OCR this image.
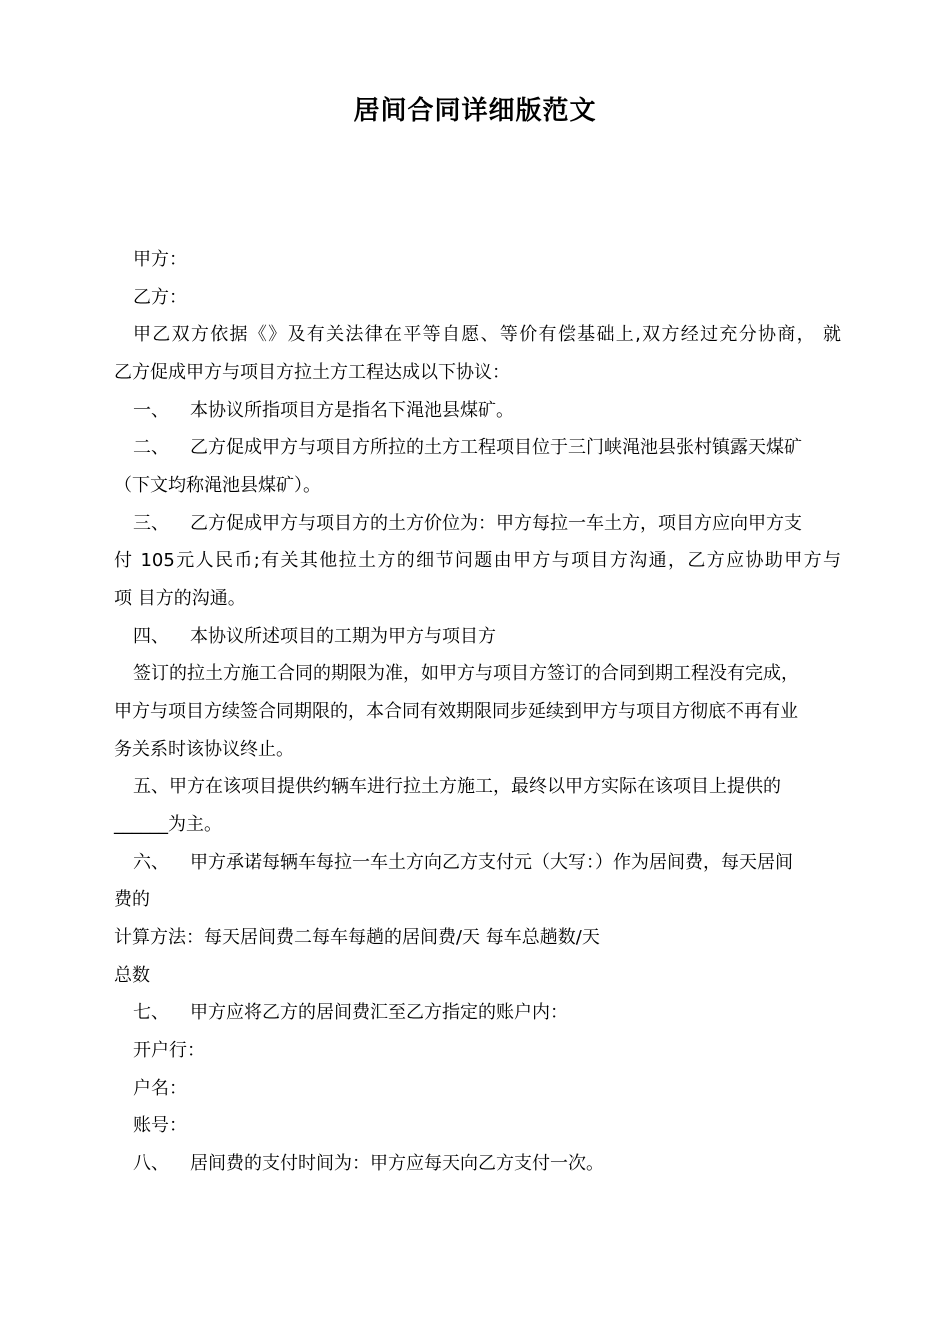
居间合同详细版范文
甲方：
乙方：
甲乙双方依据《》及有关法律在平等自愿、等价有偿基础上,双方经过充分协商， 就
乙方促成甲方与项目方拉土方工程达成以下协议：
一、 本协议所指项目方是指名下渑池县煤矿。
二、 乙方促成甲方与项目方所拉的土方工程项目位于三门峡渑池县张村镇露天煤矿
（下文均称渑池县煤矿）。
三、 乙方促成甲方与项目方的土方价位为：甲方每拉一车土方，项目方应向甲方支
付 105元人民币;有关其他拉土方的细节问题由甲方与项目方沟通，乙方应协助甲方与
项 目方的沟通。
四、 本协议所述项目的工期为甲方与项目方
签订的拉土方施工合同的期限为准，如甲方与项目方签订的合同到期工程没有完成，
甲方与项目方续签合同期限的，本合同有效期限同步延续到甲方与项目方彻底不再有业
务关系时该协议终止。
五、甲方在该项目提供约辆车进行拉土方施工，最终以甲方实际在该项目上提供的
______为主。
六、 甲方承诺每辆车每拉一车土方向乙方支付元（大写：）作为居间费，每天居间
费的
计算方法：每天居间费二每车每趟的居间费/天 每车总趟数/天
总数
七、 甲方应将乙方的居间费汇至乙方指定的账户内：
开户行：
户名：
账号：
八、 居间费的支付时间为：甲方应每天向乙方支付一次。
